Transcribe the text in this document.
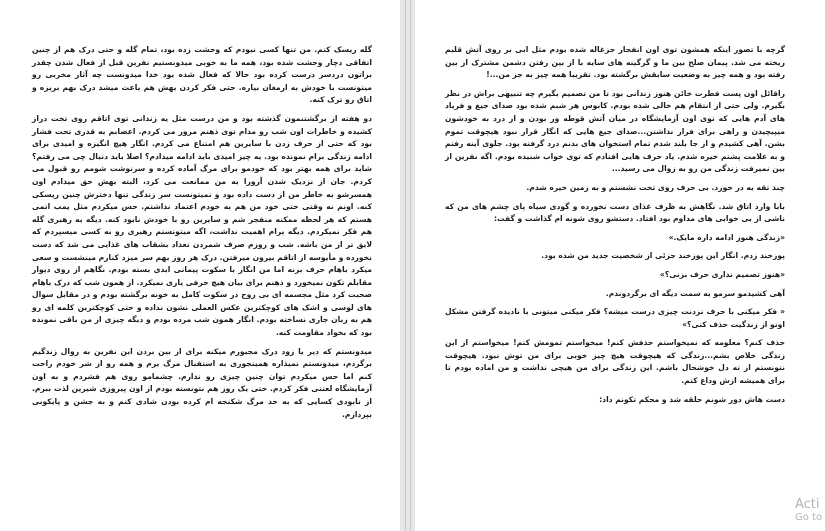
گله ریسک کنم. من تنها کسی نبودم که وحشت زده بود، تمام گله و حتی درک هم از چنین اتفاقی دچار وحشت شده بود، همه ما به خوبی میدونستیم نفرین قبل از فعال شدن چقدر براتون دردسر درست کرده بود حالا که فعال شده بود خدا میدونست چه آثار مخربی رو میتونست با خودش به ارمغان بیاره. حتی فکر کردن بهش هم باعث میشد درک بهم بریزه و اتاق رو ترک کنه.

دو هفته از برگشتنمون گذشته بود و من درست مثل یه زندانی توی اتاقم روی تخت دراز کشیده و خاطرات اون شب رو مدام توی ذهنم مرور می کردم. اعصابم به قدری تحت فشار بود که حتی از حرف زدن با سایرین هم امتناع می کردم. انگار هیچ انگیزه و امیدی برای ادامه زندگی برام نمونده بود. یه چیز امیدی باید ادامه میدادم؟ اصلا باید دنبال چی می رفتم؟ شاید برای همه بهتر بود که خودمو برای مرگ آماده کرده و سرنوشت شومم رو قبول می کردم. جان از نزدیک شدن آرورا به من ممانعت می کرد، البته بهش حق میدادم اون همسرشو به خاطر من از دست داده بود و نمیتونست سر زندگی تنها دخترش چنین ریسکی کنه. اونم نه وقتی حتی خود من هم به خودم اعتماد نداشتم. حس میکردم مثل یمب اتمی هستم که هر لحظه ممکنه منفجر شم و سایرین رو با خودش نابود کنه. دیگه به رهبری گله هم فکر نمیکردم. دیگه برام اهمیت نداشت، اگه میتونستم رهبری رو به کسی میسپردم که لایق تر از من باشه. شب و روزم صرف شمردن تعداد بشقاب های غذایی می شد که دست نخورده و مأیوسه از اتاقم بیرون میرفتن. درک هر روز بهم سر میزد کنارم مینشست و سعی میکرد باهام حرف بزنه اما من انگار با سکوت پیمانی ابدی بسته بودم. نگاهم از روی دیوار مقابلم تکون نمیخورد و ذهنم برای بیان هیچ حرفی یاری نمیکرد. از همون شب که درک باهام صحبت کرد مثل مجسمه ای بی روح در سکوت کامل به خونه برگشته بودم و در مقابل سوال های لوسی و اشک های کوچکترین عکس العملی نشون نداده و حتی کوچکترین کلمه ای رو هم به زبان جاری نساخته بودم. انگار همون شب مرده بودم و دیگه چیزی از من باقی نمونده بود که بخواد مقاومت کنه.

میدونستم که دیر یا زود درک مجبورم میکنه برای از بین بردن این نفرین به روال زندگیم برگردم، میدونستم نمیذاره همینجوری به استقبال مرگ برم و همه رو از شر خودم راحت کنم اما حس میکردم توان چنین چیزی رو ندارم. چشمامو روی هم فشردم و به اون آزمایشگاه لعنتی فکر کردم. حتی یک روز هم نتونسته بودم از اون پیروزی شیرین لذت ببرم. از نابودی کسایی که به حد مرگ شکنجه ام کرده بودن شادی کنم و به جشن و پایکوبی بپردازم.

گرچه با تصور اینکه همشون توی اون انفجار جزغاله شده بودم مثل ابی بر روی آتش قلبم ریخته می شد. پیمان صلح بین ما و گرگینه های سایه با از بین رفتن دشمن مشترک از بین رفته بود و همه چیز به وضعیت سابقش برگشته بود. تقریبا همه چیز به جز من...!

راقائل اون پست فطرت خائن هنوز زندانی بود تا من تصمیم بگیرم چه تنبیهی براش در نظر بگیرم. ولی حتی از انتقام هم خالی شده بودم. کابوس هر شبم شده بود صدای جیغ و فریاد های آدم هایی که توی اون آزمایشگاه در میان آتش قوطه ور بودن و از درد به خودشون میپیچیدن و راهی برای فرار نداشتن...صدای جیغ هایی که انگار قرار نبود هیچوقت تموم بشن. آهی کشیدم و از جا بلند شدم تمام استخوان های بدنم درد گرفته بود. جلوی آینه رفتم و به علامت پشتم خیره شدم. یاد حرف هایی افتادم که توی خواب شنیده بودم. اگه نفرین از بین نمیرفت زندگی من رو به زوال می رسید...

چند تقه به در خورد. بی حرف روی تخت نشستم و به زمین خیره شدم.

بابا وارد اتاق شد. نگاهش به ظرف غذای دست نخورده و گودی سیاه پای چشم های من که ناشی از بی خوابی های مداوم بود افتاد. دستشو روی شونه ام گذاشت و گفت:

«زندگی هنوز ادامه داره مایک.»

پوزخند زدم. انگار این پوزخند جزئی از شخصیت جدید من شده بود.

«هنوز تصمیم نداری حرف بزنی؟»

آهی کشیدمو سرمو به سمت دیگه ای برگردوندم.

« فکر میکنی با حرف نزدنت چیزی درست میشه؟ فکر میکنی میتونی با نادیده گرفتن مشکل اونو از زندگیت حذف کنی؟»

حذف کنم؟ معلومه که نمیخواستم حذفش کنم! میخواستم تمومش کنم! میخواستم از این زندگی خلاص بشم...زندگی که هیچوقت هیچ چیز خوبی برای من توش نبود. هیچوقت نتونستم از ته دل خوشحال باشم. این زندگی برای من هیچی نداشت و من اماده بودم تا برای همیشه ازش وداع کنم.

دست هاش دور شونم حلقه شد و محکم تکونم داد:

Acti
Go to
